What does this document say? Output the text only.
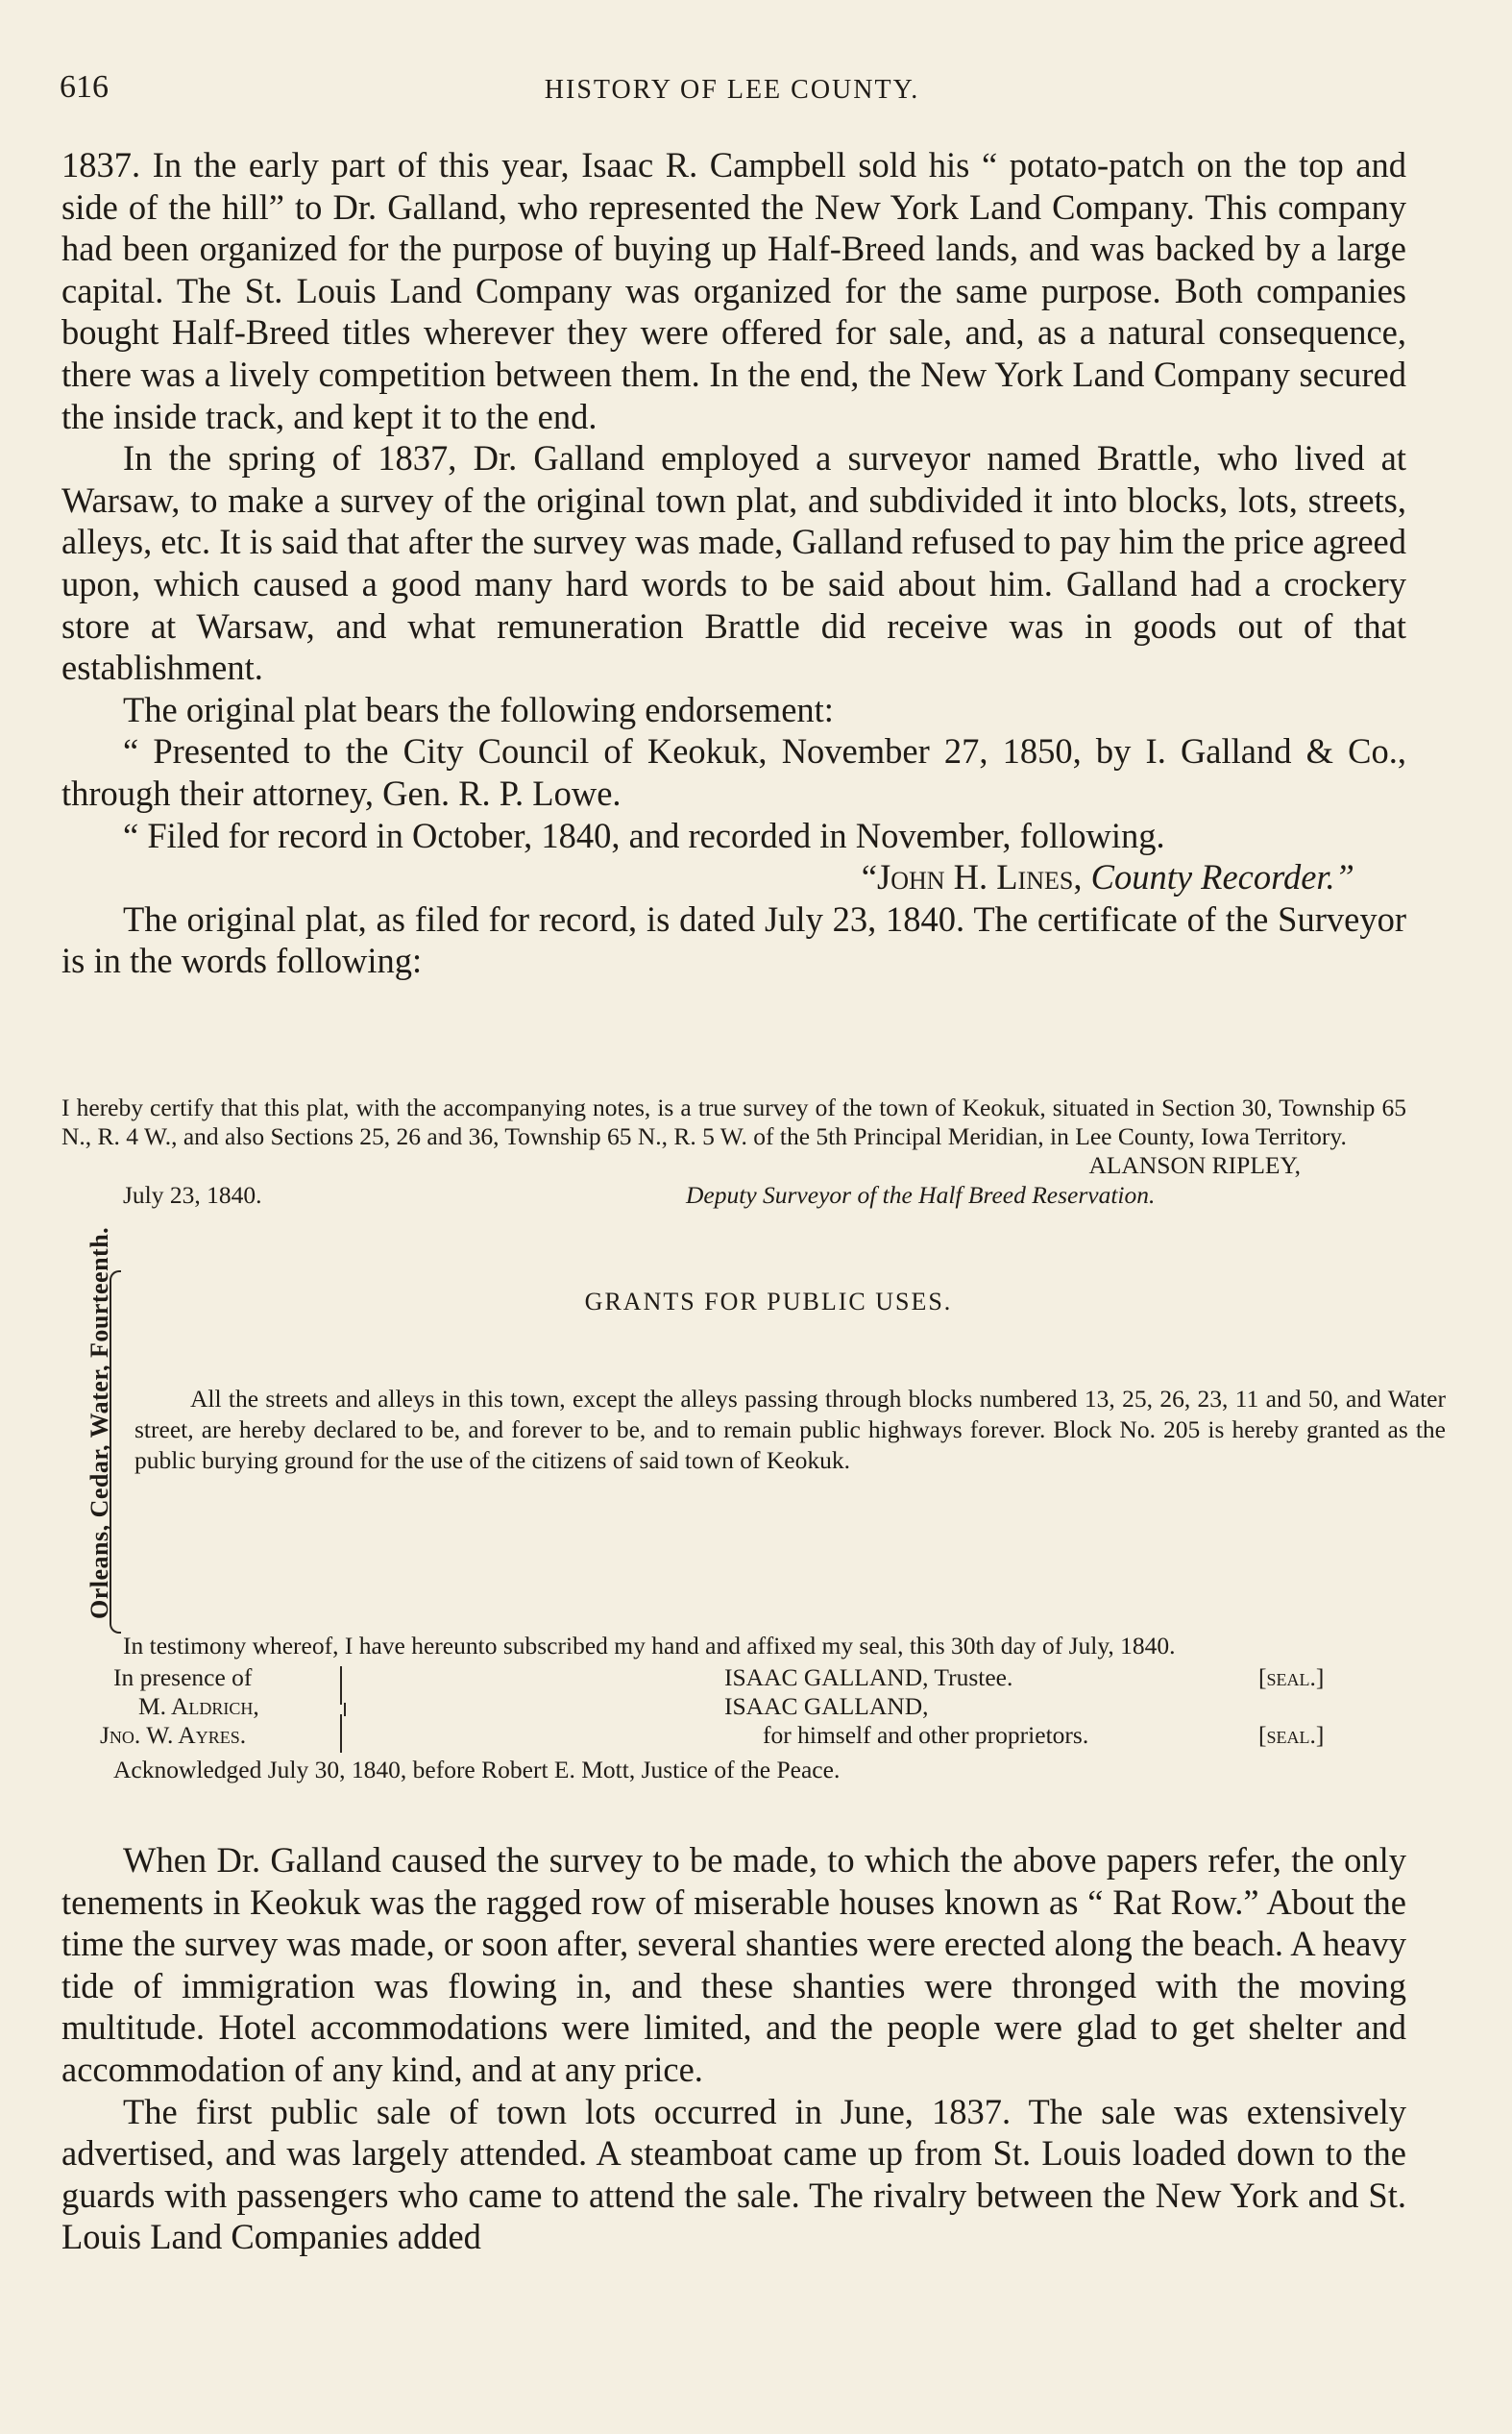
616	HISTORY OF LEE COUNTY.

1837. In the early part of this year, Isaac R. Campbell sold his “ potato-patch on the top and side of the hill” to Dr. Galland, who represented the New York Land Company. This company had been organized for the purpose of buying up Half-Breed lands, and was backed by a large capital. The St. Louis Land Company was organized for the same purpose. Both companies bought Half-Breed titles wherever they were offered for sale, and, as a natural consequence, there was a lively competition between them. In the end, the New York Land Company secured the inside track, and kept it to the end.

In the spring of 1837, Dr. Galland employed a surveyor named Brattle, who lived at Warsaw, to make a survey of the original town plat, and subdivided it into blocks, lots, streets, alleys, etc. It is said that after the survey was made, Galland refused to pay him the price agreed upon, which caused a good many hard words to be said about him. Galland had a crockery store at Warsaw, and what remuneration Brattle did receive was in goods out of that establishment.

The original plat bears the following endorsement:

“ Presented to the City Council of Keokuk, November 27, 1850, by I. Galland & Co., through their attorney, Gen. R. P. Lowe.

“ Filed for record in October, 1840, and recorded in November, following.

“John H. Lines, County Recorder.”

The original plat, as filed for record, is dated July 23, 1840. The certificate of the Surveyor is in the words following:

I hereby certify that this plat, with the accompanying notes, is a true survey of the town of Keokuk, situated in Section 30, Township 65 N., R. 4 W., and also Sections 25, 26 and 36, Township 65 N., R. 5 W. of the 5th Principal Meridian, in Lee County, Iowa Territory.

ALANSON RIPLEY,

July 23, 1840.	Deputy Surveyor of the Half Breed Reservation.
Orleans, Cedar, Water, Fourteenth.	GRANTS FOR PUBLIC USES.

All the streets and alleys in this town, except the alleys passing through blocks numbered 13, 25, 26, 23, 11 and 50, and Water street, are hereby declared to be, and forever to be, and to remain public highways forever. Block No. 205 is hereby granted as the public burying ground for the use of the citizens of said town of Keokuk.

In testimony whereof, I have hereunto subscribed my hand and affixed my seal, this 30th day of July, 1840.

In presence of
M. Aldrich,
Jno. W. Ayres.
ISAAC GALLAND, Trustee.	[seal.]
ISAAC GALLAND,
for himself and other proprietors.	[seal.]

Acknowledged July 30, 1840, before Robert E. Mott, Justice of the Peace.

When Dr. Galland caused the survey to be made, to which the above papers refer, the only tenements in Keokuk was the ragged row of miserable houses known as “ Rat Row.” About the time the survey was made, or soon after, several shanties were erected along the beach. A heavy tide of immigration was flowing in, and these shanties were thronged with the moving multitude. Hotel accommodations were limited, and the people were glad to get shelter and accommodation of any kind, and at any price.

The first public sale of town lots occurred in June, 1837. The sale was extensively advertised, and was largely attended. A steamboat came up from St. Louis loaded down to the guards with passengers who came to attend the sale. The rivalry between the New York and St. Louis Land Companies added
